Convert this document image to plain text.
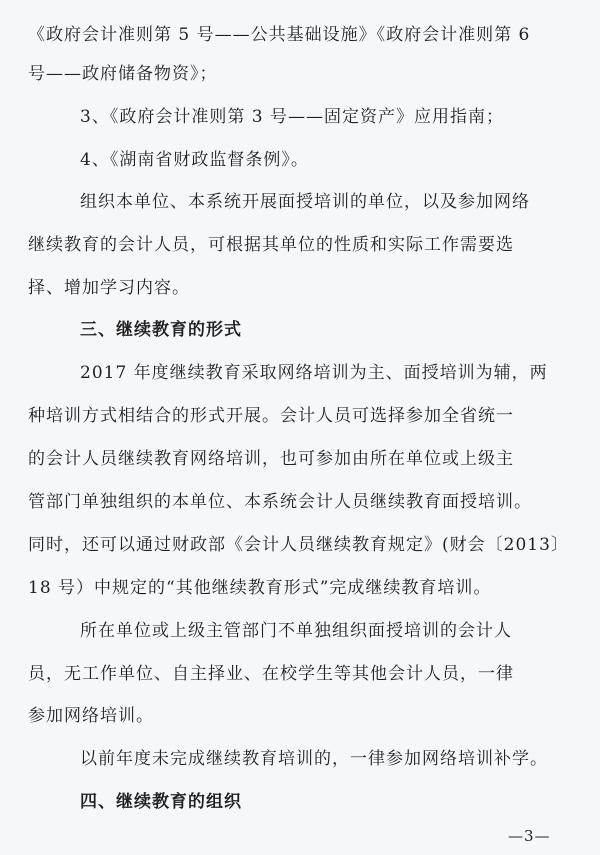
《政府会计准则第 5 号——公共基础设施》《政府会计准则第 6
号——政府储备物资》；
3、《政府会计准则第 3 号——固定资产》应用指南；
4、《湖南省财政监督条例》。
组织本单位、本系统开展面授培训的单位，以及参加网络
继续教育的会计人员，可根据其单位的性质和实际工作需要选
择、增加学习内容。
三、继续教育的形式
2017 年度继续教育采取网络培训为主、面授培训为辅，两
种培训方式相结合的形式开展。会计人员可选择参加全省统一
的会计人员继续教育网络培训，也可参加由所在单位或上级主
管部门单独组织的本单位、本系统会计人员继续教育面授培训。
同时，还可以通过财政部《会计人员继续教育规定》(财会〔2013〕
18 号）中规定的“其他继续教育形式”完成继续教育培训。
所在单位或上级主管部门不单独组织面授培训的会计人
员，无工作单位、自主择业、在校学生等其他会计人员，一律
参加网络培训。
以前年度未完成继续教育培训的，一律参加网络培训补学。
四、继续教育的组织
—3—
